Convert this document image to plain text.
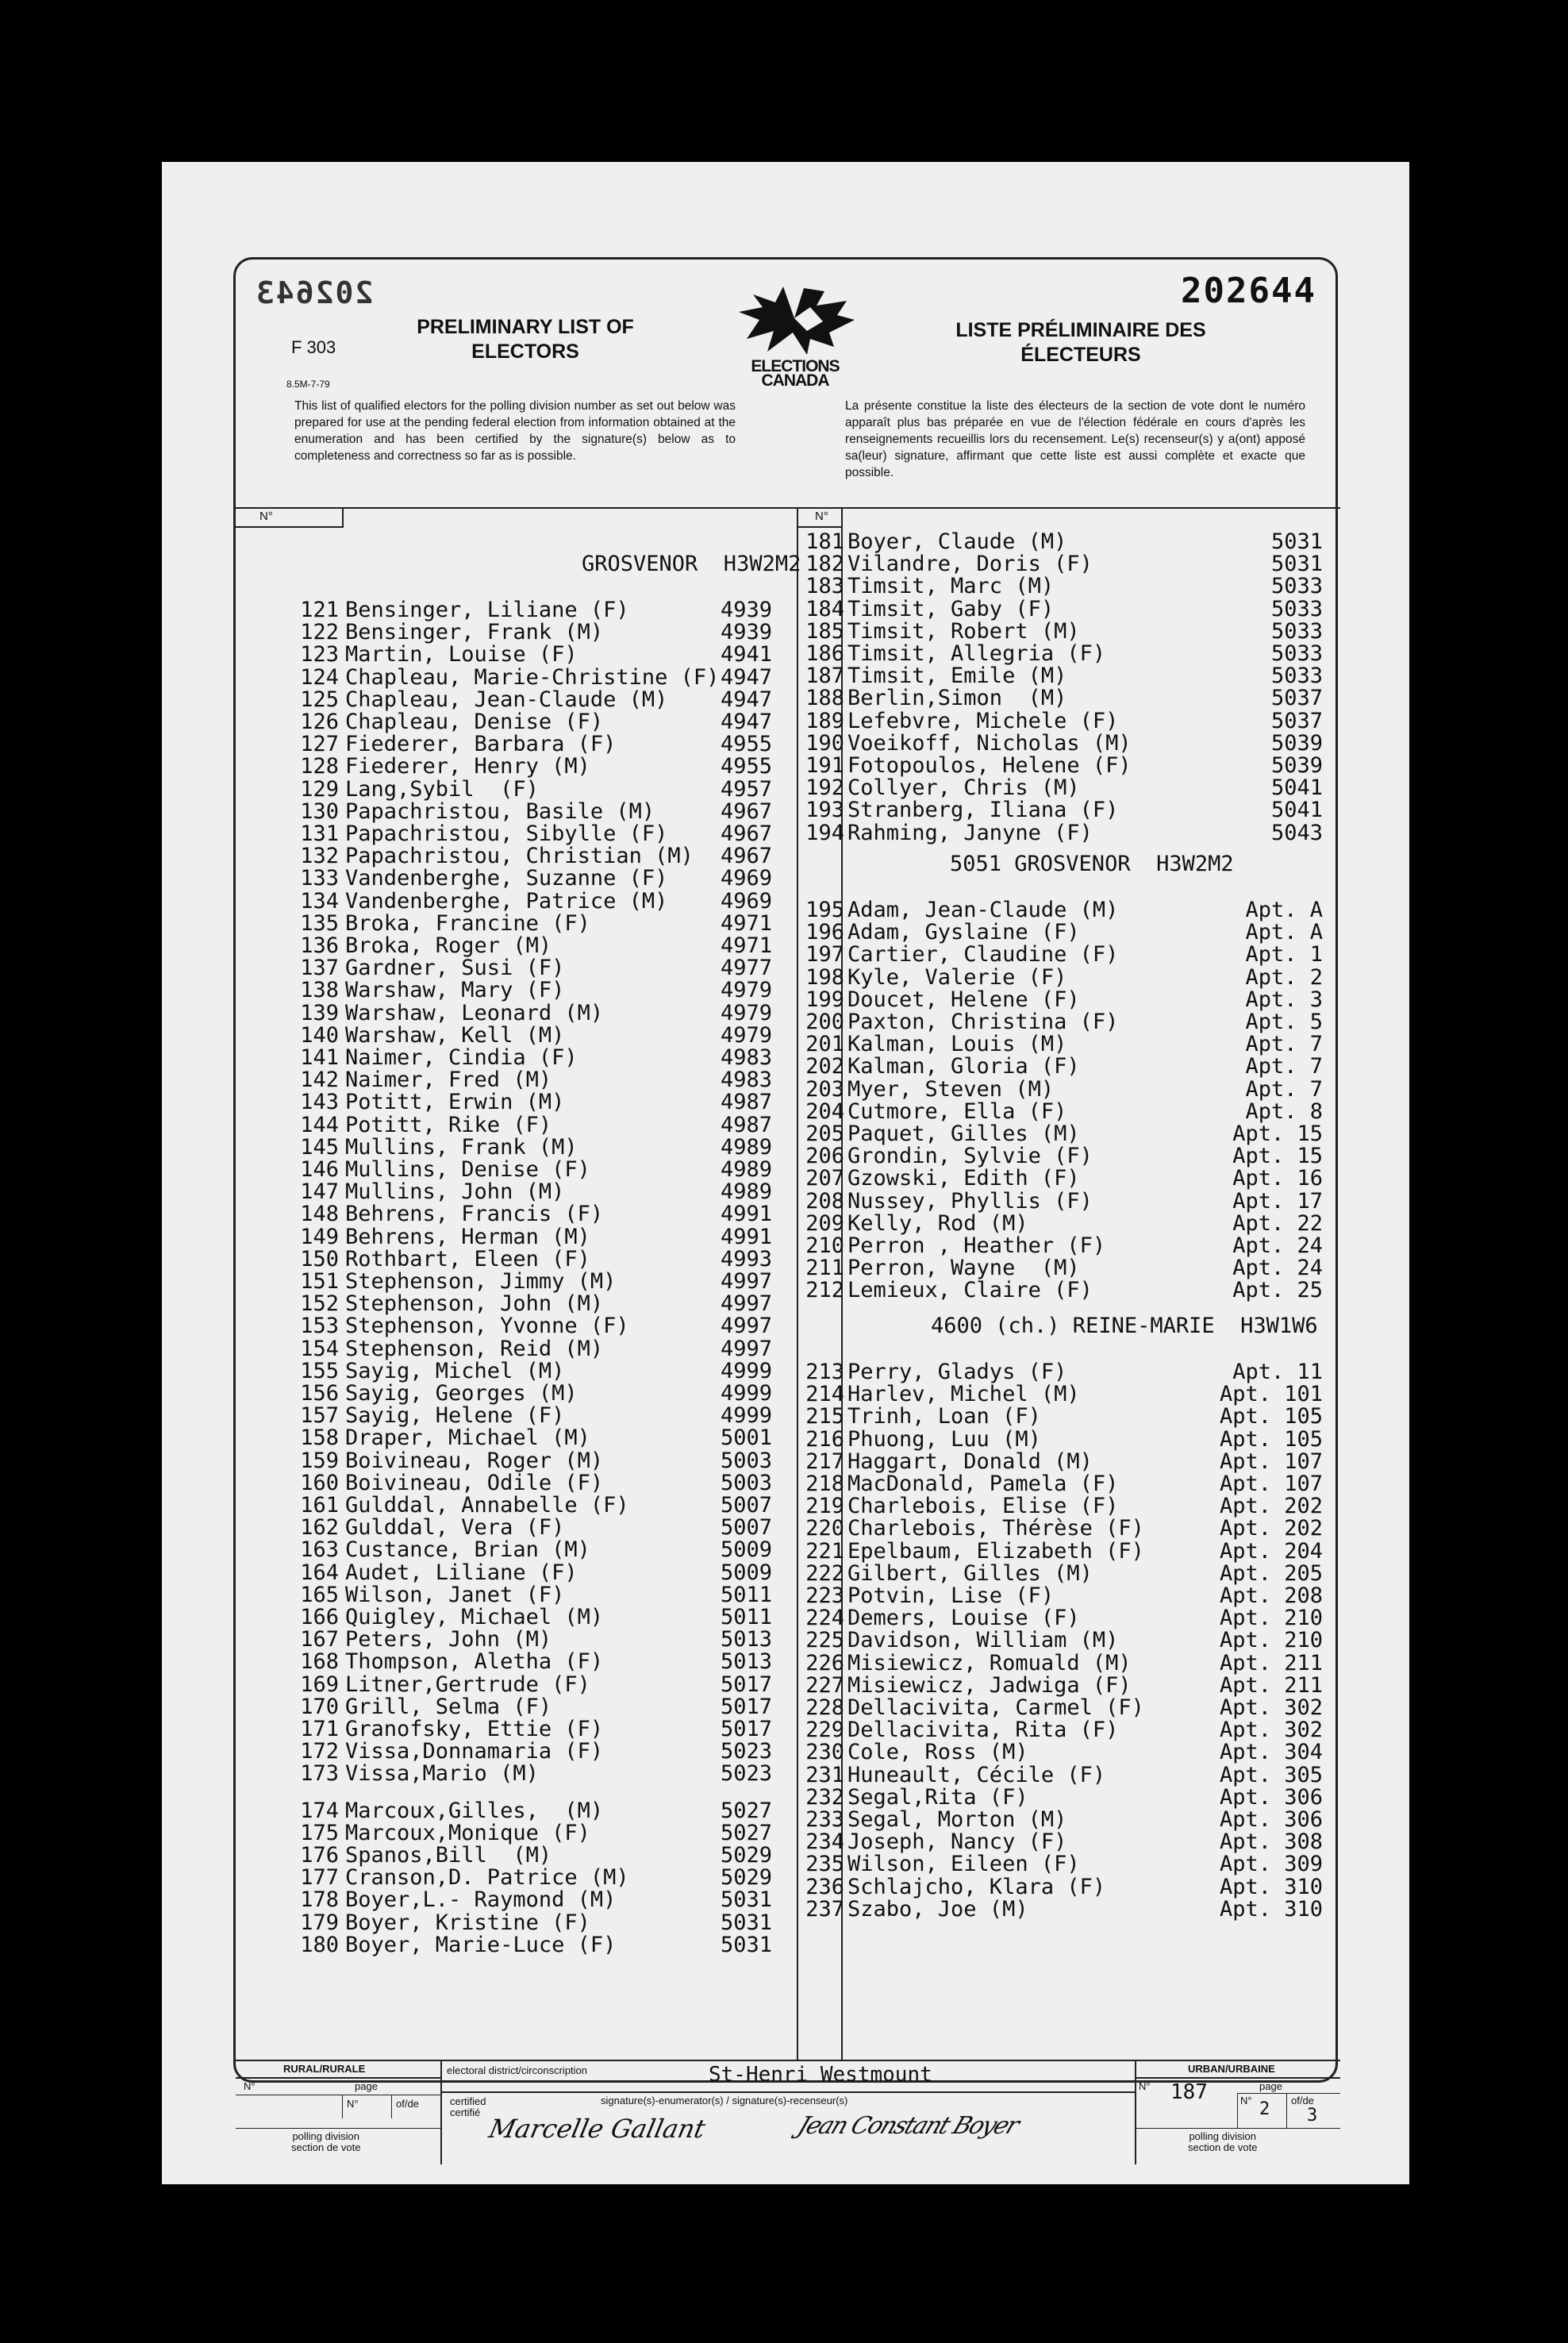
202643	202644
F 303
8.5M-7-79
PRELIMINARY LIST OF
ELECTORS
LISTE PRÉLIMINAIRE DES
ÉLECTEURS
ELECTIONS
CANADA
This list of qualified electors for the polling division number as set out below was prepared for use at the pending federal election from information obtained at the enumeration and has been certified by the signature(s) below as to completeness and correctness so far as is possible.
La présente constitue la liste des électeurs de la section de vote dont le numéro apparaît plus bas préparée en vue de l'élection fédérale en cours d'après les renseignements recueillis lors du recensement. Le(s) recenseur(s) y a(ont) apposé sa(leur) signature, affirmant que cette liste est aussi complète et exacte que possible.
N°	N°
GROSVENOR  H3W2M2
121 Bensinger, Liliane (F)	4939
122 Bensinger, Frank (M)	4939
123 Martin, Louise (F)	4941
124 Chapleau, Marie-Christine (F) 4947
125 Chapleau, Jean-Claude (M) 4947
126 Chapleau, Denise (F)	4947
127 Fiederer, Barbara (F)	4955
128 Fiederer, Henry (M)	4955
129 Lang,Sybil  (F)	4957
130 Papachristou, Basile (M)	4967
131 Papachristou, Sibylle (F) 4967
132 Papachristou, Christian (M) 4967
133 Vandenberghe, Suzanne (F) 4969
134 Vandenberghe, Patrice (M) 4969
135 Broka, Francine (F)	4971
136 Broka, Roger (M)	4971
137 Gardner, Susi (F)	4977
138 Warshaw, Mary (F)	4979
139 Warshaw, Leonard (M)	4979
140 Warshaw, Kell (M)	4979
141 Naimer, Cindia (F)	4983
142 Naimer, Fred (M)	4983
143 Potitt, Erwin (M)	4987
144 Potitt, Rike (F)	4987
145 Mullins, Frank (M)	4989
146 Mullins, Denise (F)	4989
147 Mullins, John (M)	4989
148 Behrens, Francis (F)	4991
149 Behrens, Herman (M)	4991
150 Rothbart, Eleen (F)	4993
151 Stephenson, Jimmy (M)	4997
152 Stephenson, John (M)	4997
153 Stephenson, Yvonne (F)	4997
154 Stephenson, Reid (M)	4997
155 Sayig, Michel (M)	4999
156 Sayig, Georges (M)	4999
157 Sayig, Helene (F)	4999
158 Draper, Michael (M)	5001
159 Boivineau, Roger (M)	5003
160 Boivineau, Odile (F)	5003
161 Gulddal, Annabelle (F)	5007
162 Gulddal, Vera (F)	5007
163 Custance, Brian (M)	5009
164 Audet, Liliane (F)	5009
165 Wilson, Janet (F)	5011
166 Quigley, Michael (M)	5011
167 Peters, John (M)	5013
168 Thompson, Aletha (F)	5013
169 Litner,Gertrude (F)	5017
170 Grill, Selma (F)	5017
171 Granofsky, Ettie (F)	5017
172 Vissa,Donnamaria (F)	5023
173 Vissa,Mario (M)	5023
174 Marcoux,Gilles,  (M)	5027
175 Marcoux,Monique (F)	5027
176 Spanos,Bill  (M)	5029
177 Cranson,D. Patrice (M)	5029
178 Boyer,L.- Raymond (M)	5031
179 Boyer, Kristine (F)	5031
180 Boyer, Marie-Luce (F)	5031
181 Boyer, Claude (M)	5031
182 Vilandre, Doris (F)	5031
183 Timsit, Marc (M)	5033
184 Timsit, Gaby (F)	5033
185 Timsit, Robert (M)	5033
186 Timsit, Allegria (F)	5033
187 Timsit, Emile (M)	5033
188 Berlin,Simon  (M)	5037
189 Lefebvre, Michele (F)	5037
190 Voeikoff, Nicholas (M)	5039
191 Fotopoulos, Helene (F)	5039
192 Collyer, Chris (M)	5041
193 Stranberg, Iliana (F)	5041
194 Rahming, Janyne (F)	5043
5051 GROSVENOR  H3W2M2
195 Adam, Jean-Claude (M)	Apt. A
196 Adam, Gyslaine (F)	Apt. A
197 Cartier, Claudine (F)	Apt. 1
198 Kyle, Valerie (F)	Apt. 2
199 Doucet, Helene (F)	Apt. 3
200 Paxton, Christina (F)	Apt. 5
201 Kalman, Louis (M)	Apt. 7
202 Kalman, Gloria (F)	Apt. 7
203 Myer, Steven (M)	Apt. 7
204 Cutmore, Ella (F)	Apt. 8
205 Paquet, Gilles (M)	Apt. 15
206 Grondin, Sylvie (F)	Apt. 15
207 Gzowski, Edith (F)	Apt. 16
208 Nussey, Phyllis (F)	Apt. 17
209 Kelly, Rod (M)	Apt. 22
210 Perron , Heather (F)	Apt. 24
211 Perron, Wayne  (M)	Apt. 24
212 Lemieux, Claire (F)	Apt. 25
4600 (ch.) REINE-MARIE  H3W1W6
213 Perry, Gladys (F)	Apt. 11
214 Harlev, Michel (M)	Apt. 101
215 Trinh, Loan (F)	Apt. 105
216 Phuong, Luu (M)	Apt. 105
217 Haggart, Donald (M)	Apt. 107
218 MacDonald, Pamela (F)	Apt. 107
219 Charlebois, Elise (F)	Apt. 202
220 Charlebois, Thérèse (F)	Apt. 202
221 Epelbaum, Elizabeth (F)	Apt. 204
222 Gilbert, Gilles (M)	Apt. 205
223 Potvin, Lise (F)	Apt. 208
224 Demers, Louise (F)	Apt. 210
225 Davidson, William (M)	Apt. 210
226 Misiewicz, Romuald (M)	Apt. 211
227 Misiewicz, Jadwiga (F)	Apt. 211
228 Dellacivita, Carmel (F)	Apt. 302
229 Dellacivita, Rita (F)	Apt. 302
230 Cole, Ross (M)	Apt. 304
231 Huneault, Cécile (F)	Apt. 305
232 Segal,Rita (F)	Apt. 306
233 Segal, Morton (M)	Apt. 306
234 Joseph, Nancy (F)	Apt. 308
235 Wilson, Eileen (F)	Apt. 309
236 Schlajcho, Klara (F)	Apt. 310
237 Szabo, Joe (M)	Apt. 310
RURAL/RURALE	URBAN/URBAINE
electoral district/circonscription	St-Henri Westmount
N°	page
N°	of/de
polling division
section de vote
certified
certifié
signature(s)-enumerator(s) / signature(s)-recenseur(s)
Marcelle Gallant	Jean Constant Boyer
N° 187	page
N° 2 of/de
3
polling division
section de vote
